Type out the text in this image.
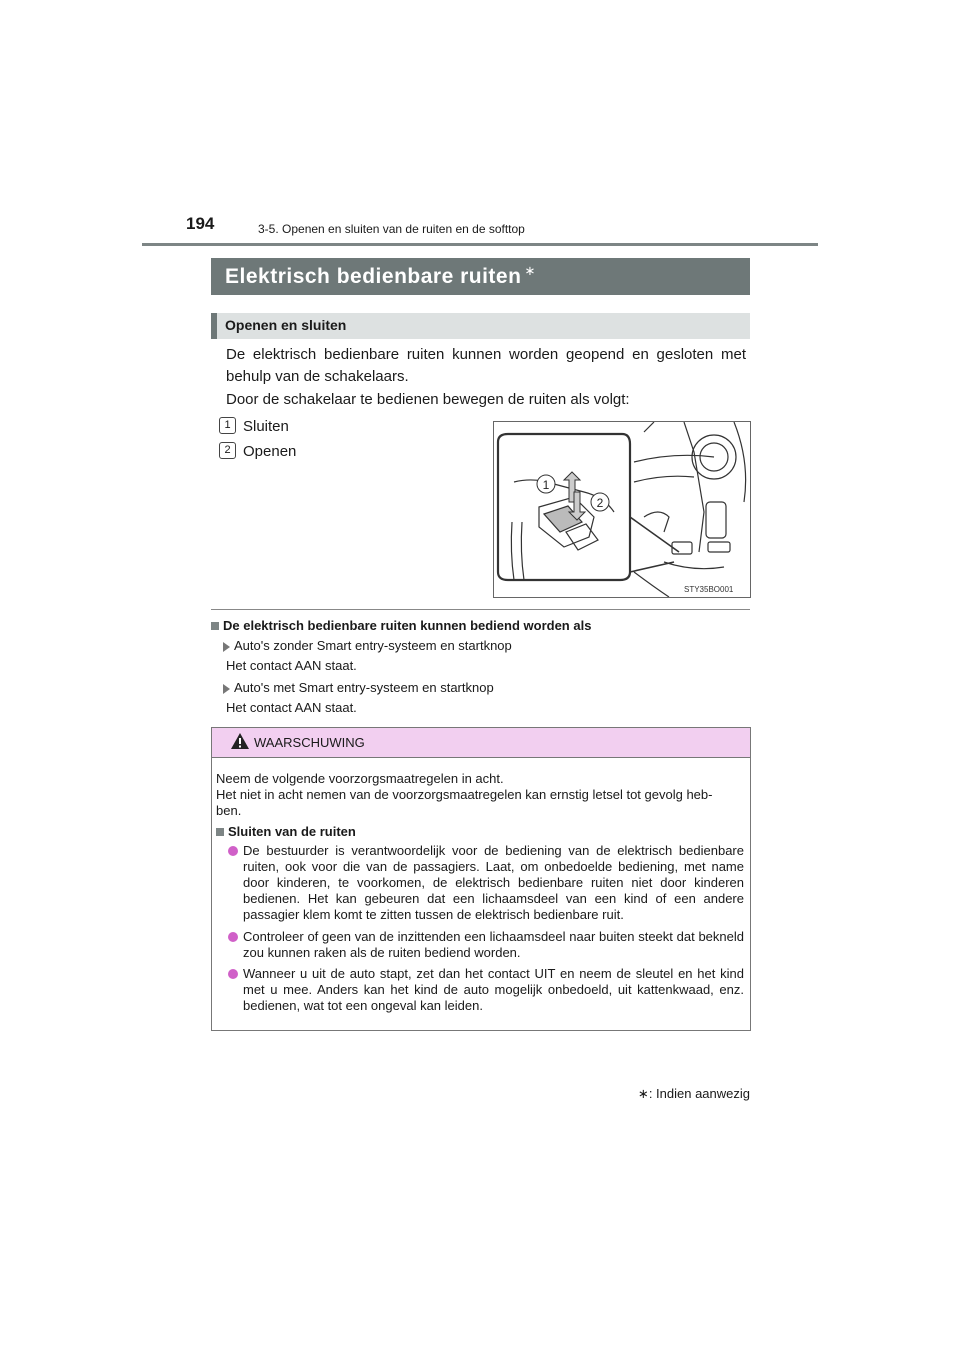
194	3-5. Openen en sluiten van de ruiten en de softtop
Elektrisch bedienbare ruiten ∗
Openen en sluiten
De elektrisch bedienbare ruiten kunnen worden geopend en gesloten met behulp van de schakelaars.
Door de schakelaar te bedienen bewegen de ruiten als volgt:
1 Sluiten
2 Openen
1
2
STY35BO001
De elektrisch bedienbare ruiten kunnen bediend worden als
Auto's zonder Smart entry-systeem en startknop
Het contact AAN staat.
Auto's met Smart entry-systeem en startknop
Het contact AAN staat.
WAARSCHUWING
Neem de volgende voorzorgsmaatregelen in acht.
Het niet in acht nemen van de voorzorgsmaatregelen kan ernstig letsel tot gevolg heb-
ben.
Sluiten van de ruiten
De bestuurder is verantwoordelijk voor de bediening van de elektrisch bedienbare ruiten, ook voor die van de passagiers. Laat, om onbedoelde bediening, met name door kinderen, te voorkomen, de elektrisch bedienbare ruiten niet door kinderen bedienen. Het kan gebeuren dat een lichaamsdeel van een kind of een andere passagier klem komt te zitten tussen de elektrisch bedienbare ruit.
Controleer of geen van de inzittenden een lichaamsdeel naar buiten steekt dat bekneld zou kunnen raken als de ruiten bediend worden.
Wanneer u uit de auto stapt, zet dan het contact UIT en neem de sleutel en het kind met u mee. Anders kan het kind de auto mogelijk onbedoeld, uit kattenkwaad, enz. bedienen, wat tot een ongeval kan leiden.
∗: Indien aanwezig
